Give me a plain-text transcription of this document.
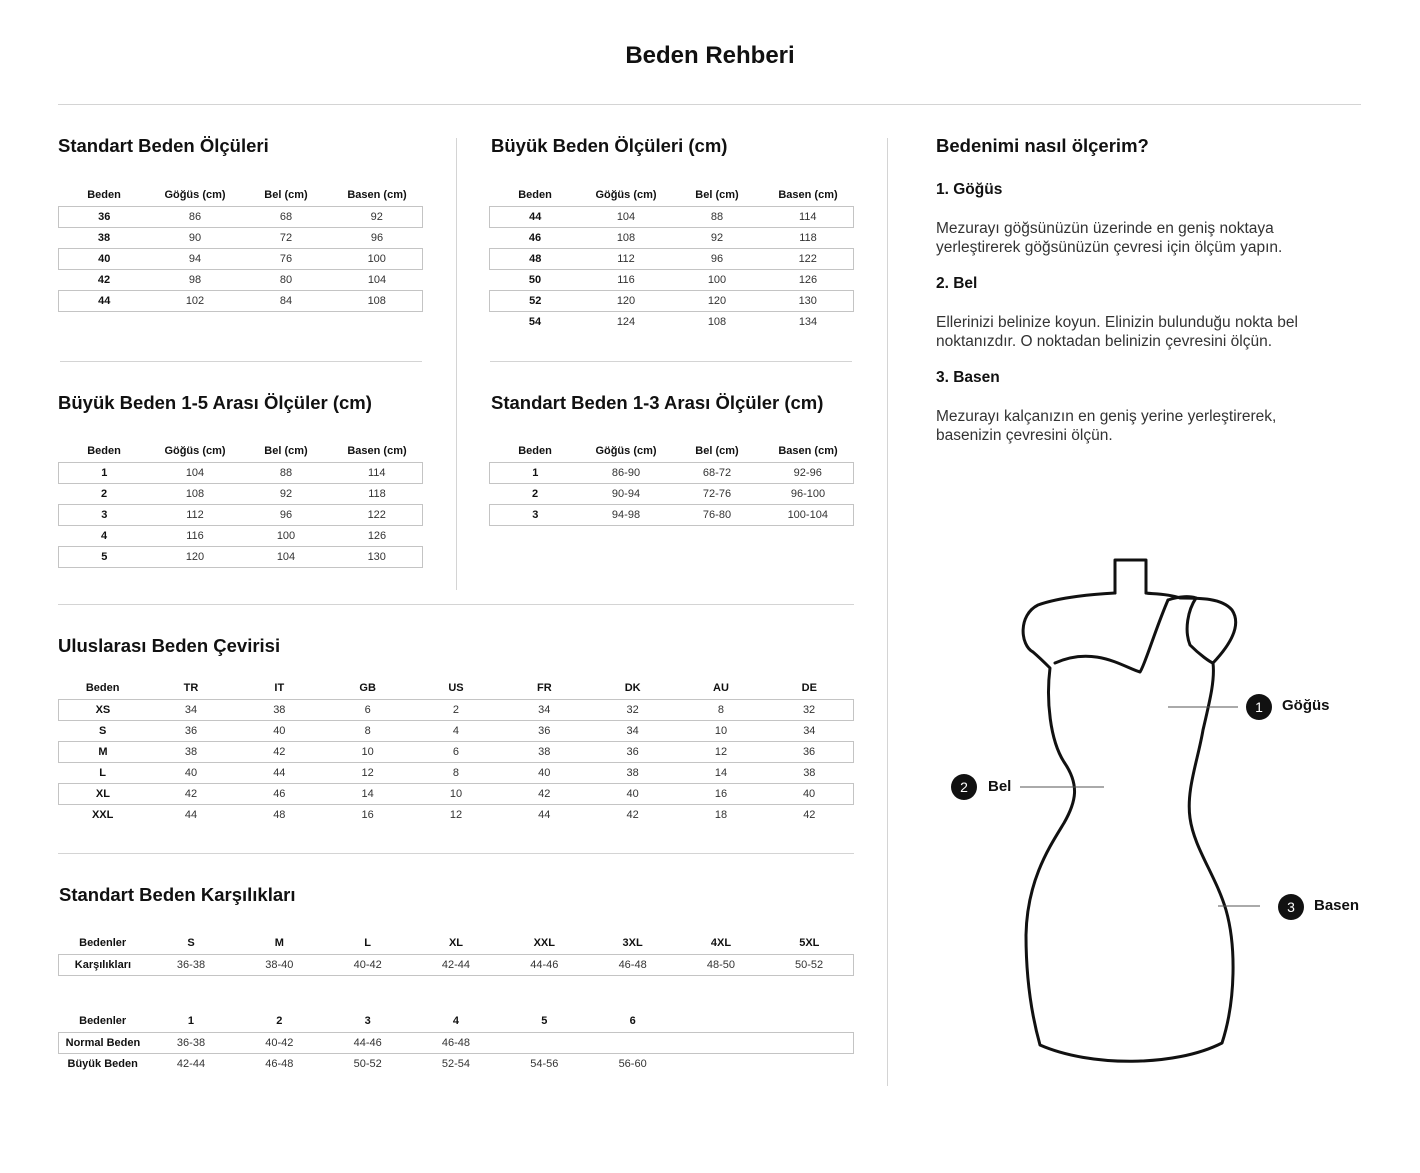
Beden Rehberi
Standart Beden Ölçüleri
Beden	Göğüs (cm)	Bel (cm)	Basen (cm)
36	86	68	92
38	90	72	96
40	94	76	100
42	98	80	104
44	102	84	108
Büyük Beden Ölçüleri (cm)
Beden	Göğüs (cm)	Bel (cm)	Basen (cm)
44	104	88	114
46	108	92	118
48	112	96	122
50	116	100	126
52	120	120	130
54	124	108	134
Büyük Beden 1-5 Arası Ölçüler (cm)
Beden	Göğüs (cm)	Bel (cm)	Basen (cm)
1	104	88	114
2	108	92	118
3	112	96	122
4	116	100	126
5	120	104	130
Standart Beden 1-3 Arası Ölçüler (cm)
Beden	Göğüs (cm)	Bel (cm)	Basen (cm)
1	86-90	68-72	92-96
2	90-94	72-76	96-100
3	94-98	76-80	100-104
Uluslarası Beden Çevirisi
Beden	TR	IT	GB	US	FR	DK	AU	DE
XS	34	38	6	2	34	32	8	32
S	36	40	8	4	36	34	10	34
M	38	42	10	6	38	36	12	36
L	40	44	12	8	40	38	14	38
XL	42	46	14	10	42	40	16	40
XXL	44	48	16	12	44	42	18	42
Standart Beden Karşılıkları
Bedenler	S	M	L	XL	XXL	3XL	4XL	5XL
Karşılıkları	36-38	38-40	40-42	42-44	44-46	46-48	48-50	50-52
Bedenler	1	2	3	4	5	6		
Normal Beden	36-38	40-42	44-46	46-48				
Büyük Beden	42-44	46-48	50-52	52-54	54-56	56-60		
Bedenimi nasıl ölçerim?
1. Göğüs
Mezurayı göğsünüzün üzerinde en geniş noktaya yerleştirerek göğsünüzün çevresi için ölçüm yapın.
2. Bel
Ellerinizi belinize koyun. Elinizin bulunduğu nokta bel noktanızdır. O noktadan belinizin çevresini ölçün.
3. Basen
Mezurayı kalçanızın en geniş yerine yerleştirerek, basenizin çevresini ölçün.
1	Göğüs
2	Bel
3	Basen
